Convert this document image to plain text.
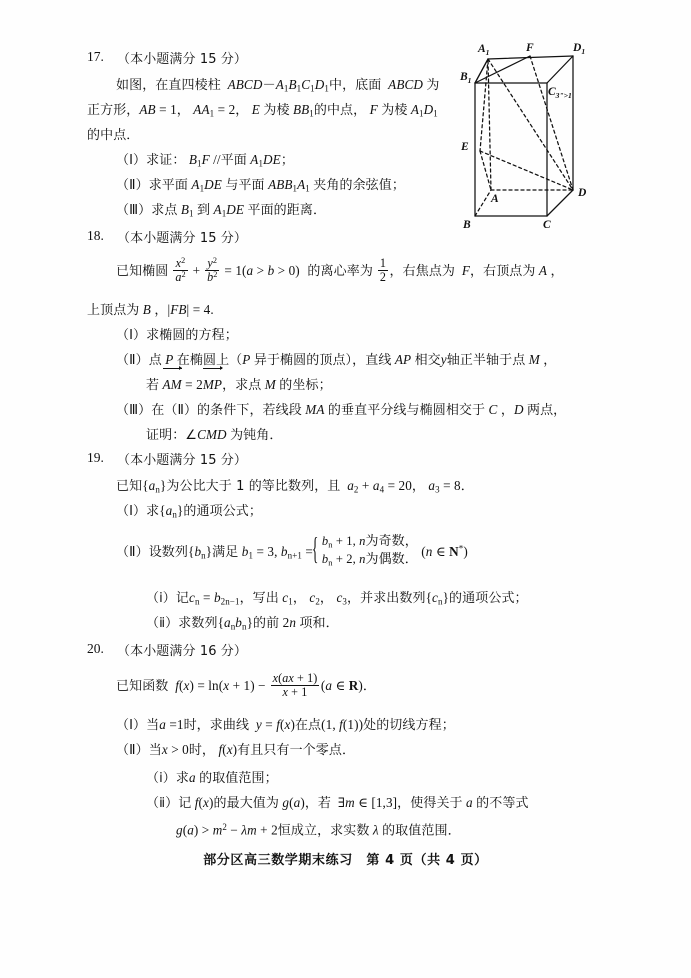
17. （本小题满分 15 分）
如图，在直四棱柱  ABCD－A1B1C1D1中，底面  ABCD 为
正方形，AB = 1， AA1 = 2， E 为棱 BB1的中点， F 为棱 A1D1
的中点．
（Ⅰ）求证： B1F //平面 A1DE；
（Ⅱ）求平面 A1DE 与平面 ABB1A1 夹角的余弦值；
（Ⅲ）求点 B1 到 A1DE 平面的距离．
$A_1$	F	$D_1$
$B_1$
$C_{3">1}$
E
A	D
B	C
18. （本小题满分 15 分）
已知椭圆 $\frac{x^2}{a^2} + \frac{y^2}{b^2} = 1(a > b > 0)$  的离心率为 $\frac{1}{2}$ ，右焦点为  F，右顶点为 A ，
上顶点为 B ，|FB| = 4.
（Ⅰ）求椭圆的方程；
（Ⅱ）点 P 在椭圆上（P 异于椭圆的顶点），直线 AP 相交y轴正半轴于点 M ，
若 AM = 2MP，求点 M 的坐标；
（Ⅲ）在（Ⅱ）的条件下，若线段 MA 的垂直平分线与椭圆相交于 C ，D 两点，
证明：∠CMD 为钝角．
19. （本小题满分 15 分）
已知{an}为公比大于 1 的等比数列，且  a2 + a4 = 20， a3 = 8．
（Ⅰ）求{an}的通项公式；
（Ⅱ）设数列{bn}满足 b1 = 3, bn+1 =
{ bn + 1, n为奇数，
bn + 2, n为偶数．
(n ∈ N*)
（ⅰ）记cn = b2n−1，写出 c1， c2， c3，并求出数列{cn}的通项公式；
（ⅱ）求数列{anbn}的前 2n 项和．
20. （本小题满分 16 分）
已知函数  $f(x) = \ln(x + 1) - \frac{x(ax + 1)}{x + 1} (a$ ∈ R)．
（Ⅰ）当a =1时，求曲线  y = f(x)在点(1, f(1))处的切线方程；
（Ⅱ）当x > 0时， f(x)有且只有一个零点．
（ⅰ）求a 的取值范围；
（ⅱ）记 f(x)的最大值为 g(a)，若  ∃m ∈ [1,3]，使得关于 a 的不等式
$g(a) > m^2 - \lambda m + 2$恒成立，求实数 λ 的取值范围．
部分区高三数学期末练习　第 4 页（共 4 页）
